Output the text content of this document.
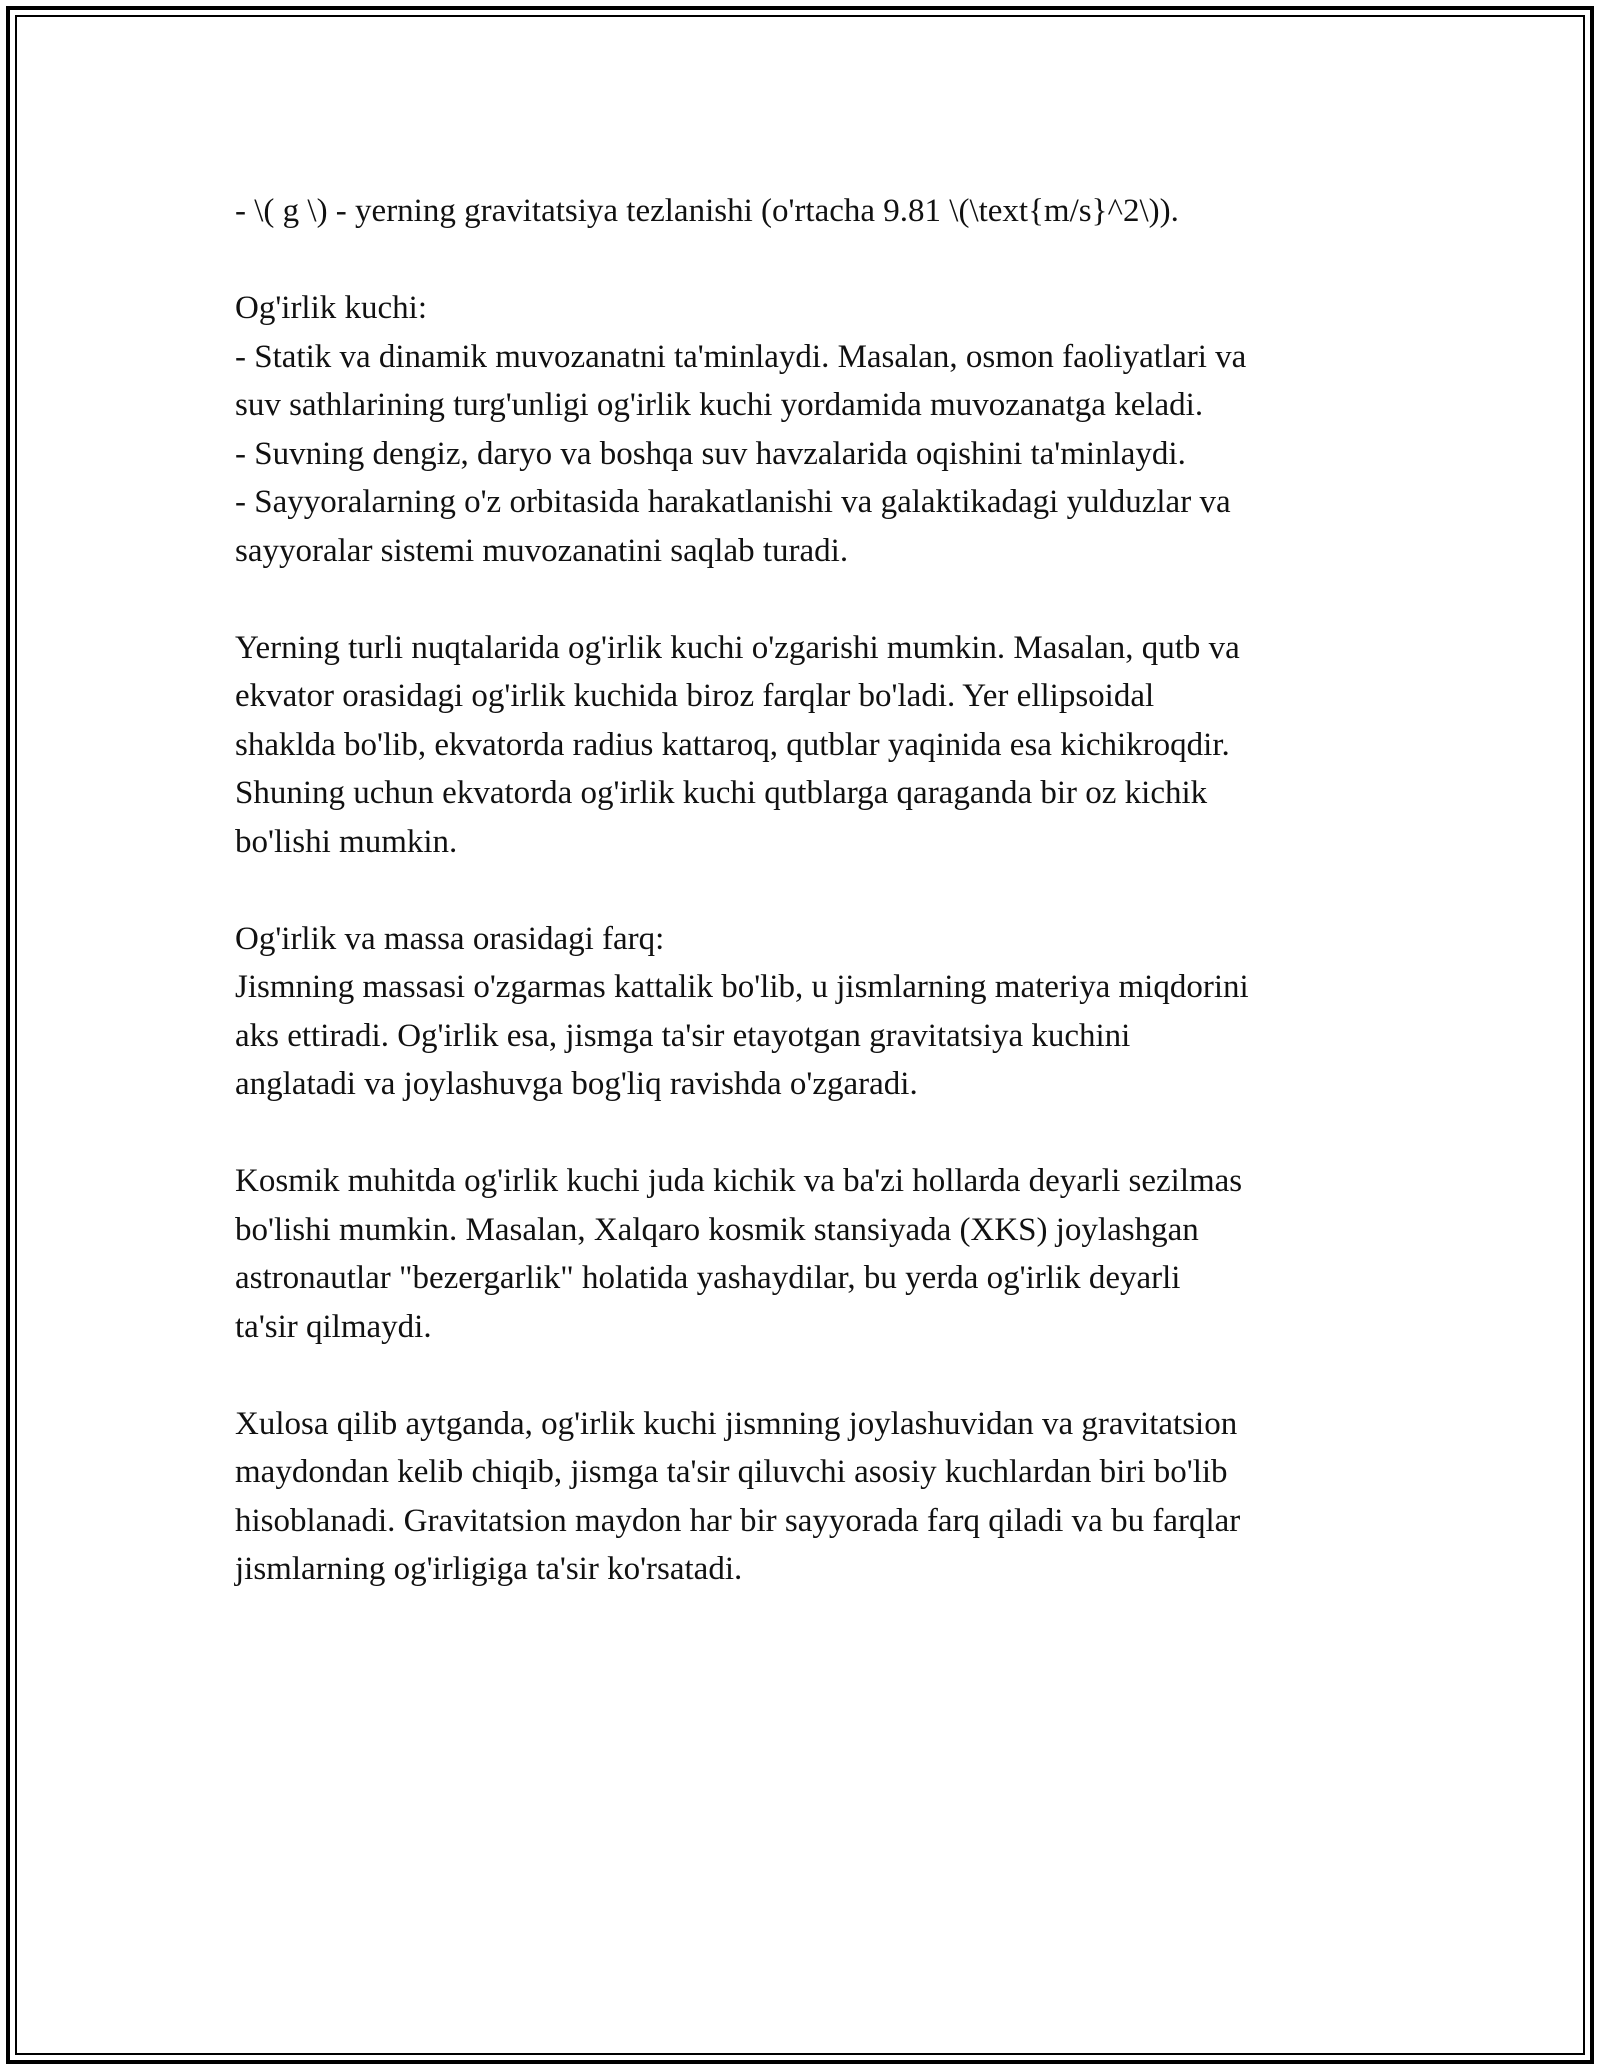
- \( g \) - yerning gravitatsiya tezlanishi (o'rtacha 9.81 \(\text{m/s}^2\)).
Og'irlik kuchi:
- Statik va dinamik muvozanatni ta'minlaydi. Masalan, osmon faoliyatlari va
suv sathlarining turg'unligi og'irlik kuchi yordamida muvozanatga keladi.
- Suvning dengiz, daryo va boshqa suv havzalarida oqishini ta'minlaydi.
- Sayyoralarning o'z orbitasida harakatlanishi va galaktikadagi yulduzlar va
sayyoralar sistemi muvozanatini saqlab turadi.
Yerning turli nuqtalarida og'irlik kuchi o'zgarishi mumkin. Masalan, qutb va
ekvator orasidagi og'irlik kuchida biroz farqlar bo'ladi. Yer ellipsoidal
shaklda bo'lib, ekvatorda radius kattaroq, qutblar yaqinida esa kichikroqdir.
Shuning uchun ekvatorda og'irlik kuchi qutblarga qaraganda bir oz kichik
bo'lishi mumkin.
Og'irlik va massa orasidagi farq:
Jismning massasi o'zgarmas kattalik bo'lib, u jismlarning materiya miqdorini
aks ettiradi. Og'irlik esa, jismga ta'sir etayotgan gravitatsiya kuchini
anglatadi va joylashuvga bog'liq ravishda o'zgaradi.
Kosmik muhitda og'irlik kuchi juda kichik va ba'zi hollarda deyarli sezilmas
bo'lishi mumkin. Masalan, Xalqaro kosmik stansiyada (XKS) joylashgan
astronautlar "bezergarlik" holatida yashaydilar, bu yerda og'irlik deyarli
ta'sir qilmaydi.
Xulosa qilib aytganda, og'irlik kuchi jismning joylashuvidan va gravitatsion
maydondan kelib chiqib, jismga ta'sir qiluvchi asosiy kuchlardan biri bo'lib
hisoblanadi. Gravitatsion maydon har bir sayyorada farq qiladi va bu farqlar
jismlarning og'irligiga ta'sir ko'rsatadi.
